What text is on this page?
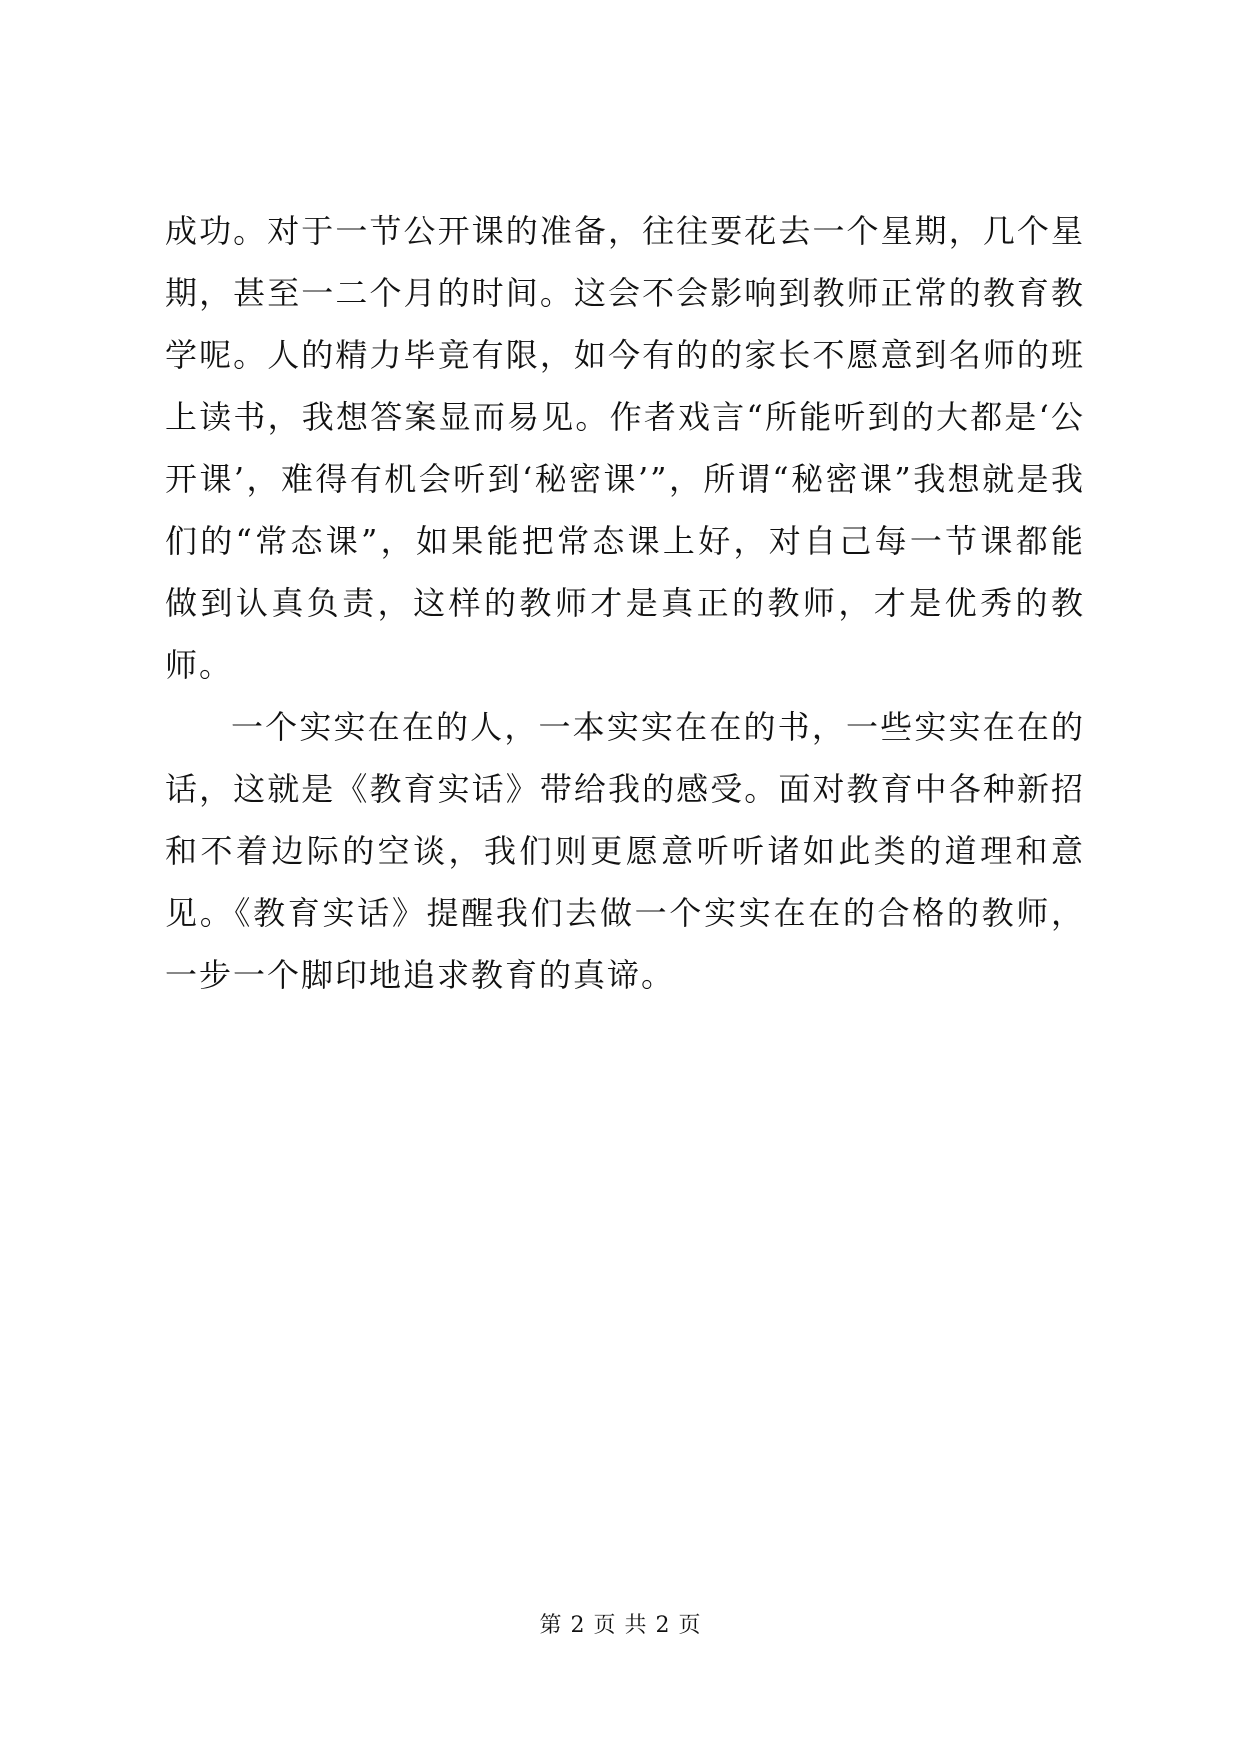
成功。对于一节公开课的准备，往往要花去一个星期，几个星期，甚至一二个月的时间。这会不会影响到教师正常的教育教学呢。人的精力毕竟有限，如今有的的家长不愿意到名师的班上读书，我想答案显而易见。作者戏言“所能听到的大都是‘公开课’，难得有机会听到‘秘密课’”，所谓“秘密课”我想就是我们的“常态课”，如果能把常态课上好，对自己每一节课都能做到认真负责，这样的教师才是真正的教师，才是优秀的教师。

一个实实在在的人，一本实实在在的书，一些实实在在的话，这就是《教育实话》带给我的感受。面对教育中各种新招和不着边际的空谈，我们则更愿意听听诸如此类的道理和意见。《教育实话》提醒我们去做一个实实在在的合格的教师，一步一个脚印地追求教育的真谛。

第 2 页 共 2 页
